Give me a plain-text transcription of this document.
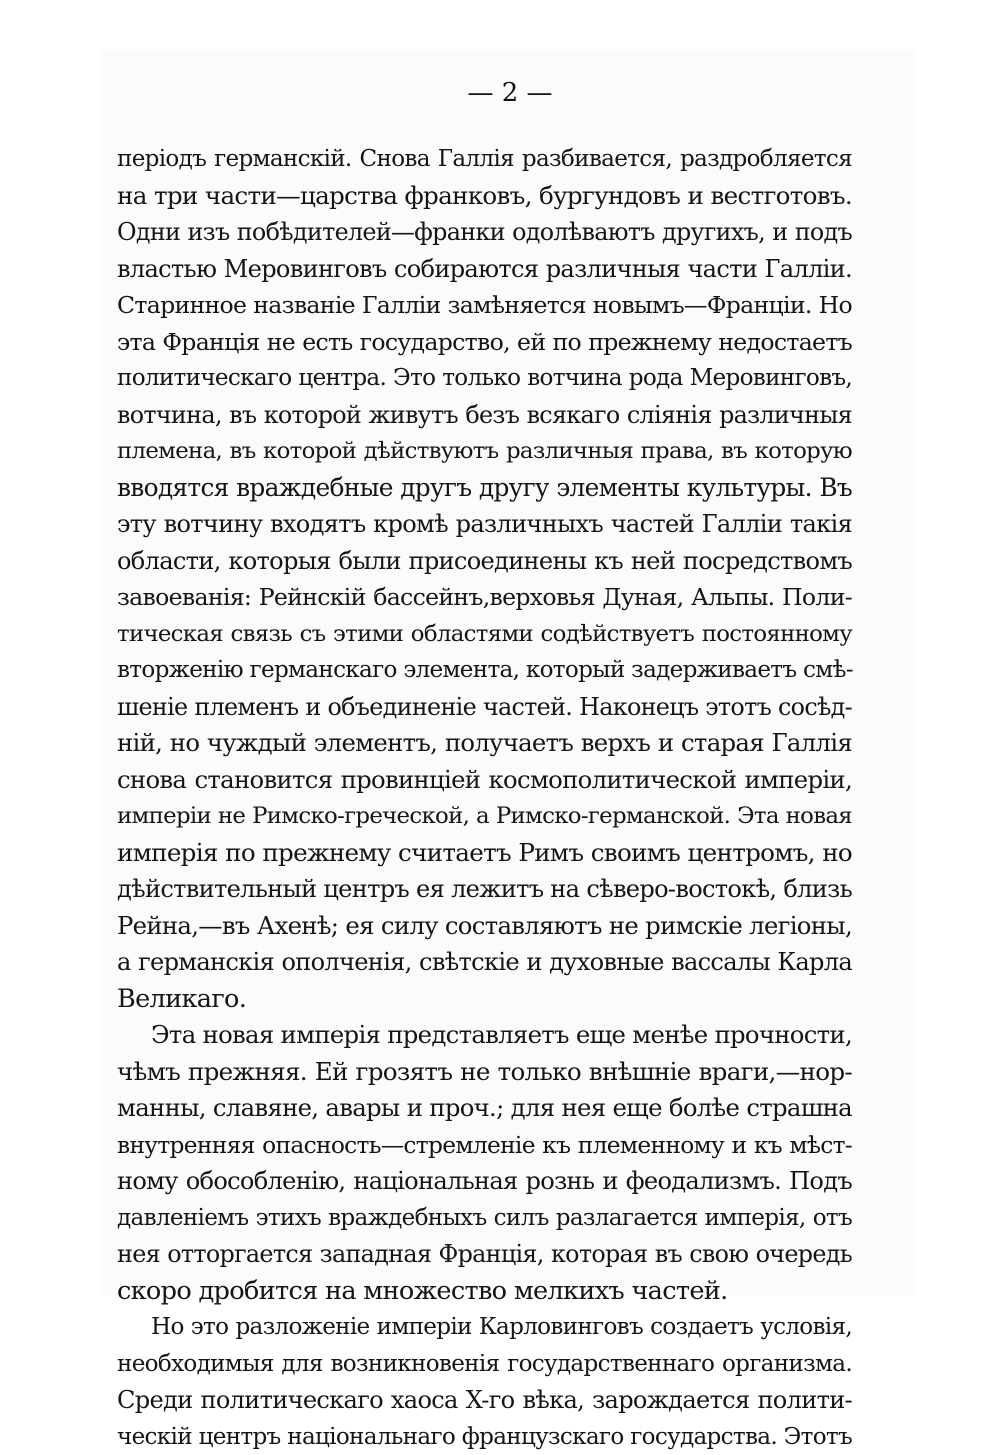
— 2 —
періодъ германскій. Снова Галлія разбивается, раздробляется
на три части—царства франковъ, бургундовъ и вестготовъ.
Одни изъ побѣдителей—франки одолѣваютъ другихъ, и подъ
властью Меровинговъ собираются различныя части Галліи.
Старинное названіе Галліи замѣняется новымъ—Франціи. Но
эта Франція не есть государство, ей по прежнему недостаетъ
политическаго центра. Это только вотчина рода Меровинговъ,
вотчина, въ которой живутъ безъ всякаго сліянія различныя
племена, въ которой дѣйствуютъ различныя права, въ которую
вводятся враждебные другъ другу элементы культуры. Въ
эту вотчину входятъ кромѣ различныхъ частей Галліи такія
области, которыя были присоединены къ ней посредствомъ
завоеванія: Рейнскій бассейнъ,верховья Дуная, Альпы. Поли-
тическая связь съ этими областями содѣйствуетъ постоянному
вторженію германскаго элемента, который задерживаетъ смѣ-
шеніе племенъ и объединеніе частей. Наконецъ этотъ сосѣд-
ній, но чуждый элементъ, получаетъ верхъ и старая Галлія
снова становится провинціей космополитической имперіи,
имперіи не Римско-греческой, а Римско-германской. Эта новая
имперія по прежнему считаетъ Римъ своимъ центромъ, но
дѣйствительный центръ ея лежитъ на сѣверо-востокѣ, близь
Рейна,—въ Ахенѣ; ея силу составляютъ не римскіе легіоны,
а германскія ополченія, свѣтскіе и духовные вассалы Карла
Великаго.
Эта новая имперія представляетъ еще менѣе прочности,
чѣмъ прежняя. Ей грозятъ не только внѣшніе враги,—нор-
манны, славяне, авары и проч.; для нея еще болѣе страшна
внутренняя опасность—стремленіе къ племенному и къ мѣст-
ному обособленію, національная рознь и феодализмъ. Подъ
давленіемъ этихъ враждебныхъ силъ разлагается имперія, отъ
нея отторгается западная Франція, которая въ свою очередь
скоро дробится на множество мелкихъ частей.
Но это разложеніе имперіи Карловинговъ создаетъ условія,
необходимыя для возникновенія государственнаго организма.
Среди политическаго хаоса X-го вѣка, зарождается полити-
ческій центръ національнаго французскаго государства. Этотъ
